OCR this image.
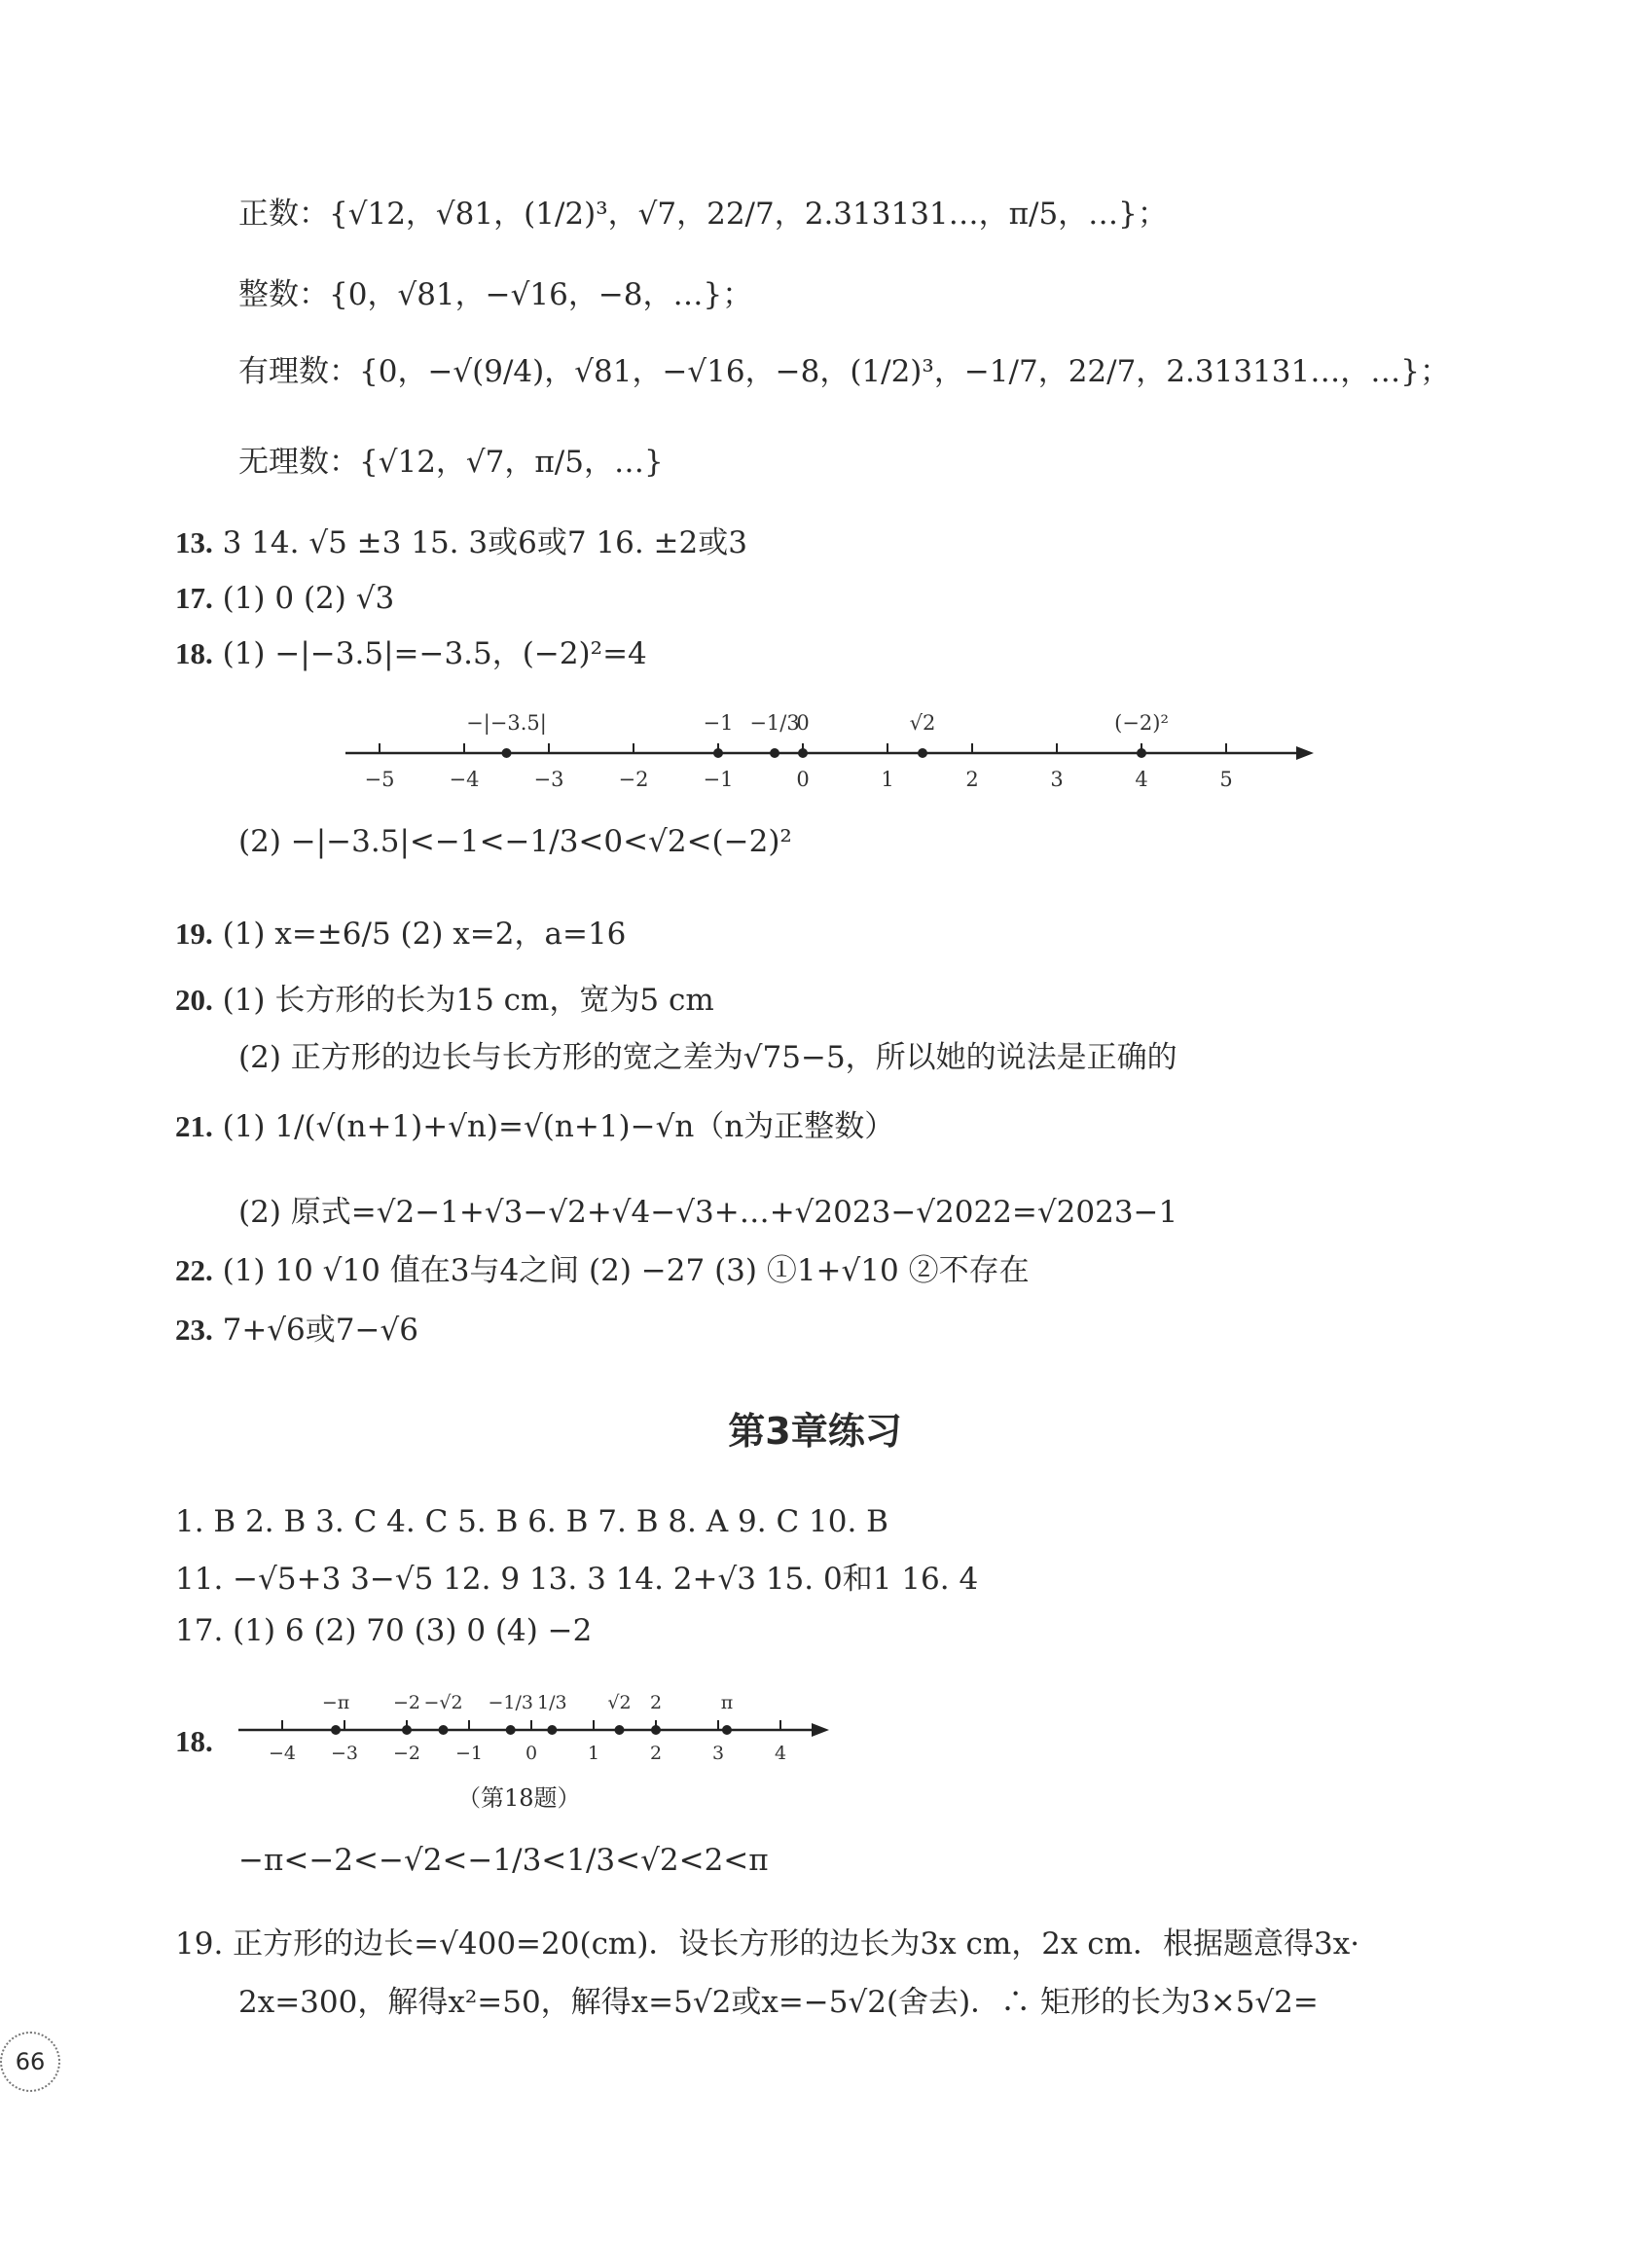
正数：{√12，√81，(1/2)³，√7，22/7，2.313131…，π/5，…}；
整数：{0，√81，−√16，−8，…}；
有理数：{0，−√(9/4)，√81，−√16，−8，(1/2)³，−1/7，22/7，2.313131…，…}；
无理数：{√12，√7，π/5，…}
13. 3 14. √5 ±3 15. 3或6或7 16. ±2或3
17. (1) 0 (2) √3
18. (1) −|−3.5|=−3.5，(−2)²=4
−5	−4	−3	−2	−1	0	1	2	3	4	5
−|−3.5|	−1 −1/3
0	√2	(−2)²
(2) −|−3.5|<−1<−1/3<0<√2<(−2)²
19. (1) x=±6/5 (2) x=2，a=16
20. (1) 长方形的长为15 cm，宽为5 cm
(2) 正方形的边长与长方形的宽之差为√75−5，所以她的说法是正确的
21. (1) 1/(√(n+1)+√n)=√(n+1)−√n（n为正整数）
(2) 原式=√2−1+√3−√2+√4−√3+…+√2023−√2022=√2023−1
22. (1) 10 √10 值在3与4之间 (2) −27 (3) ①1+√10 ②不存在
23. 7+√6或7−√6
第3章练习
1. B 2. B 3. C 4. C 5. B 6. B 7. B 8. A 9. C 10. B
11. −√5+3 3−√5 12. 9 13. 3 14. 2+√3 15. 0和1 16. 4
17. (1) 6 (2) 70 (3) 0 (4) −2
18.	−4 −3 −2 −1 0	1	2	3	4
−π −2 −√2 −1/3 1/3 √2 2	π
（第18题）
−π<−2<−√2<−1/3<1/3<√2<2<π
19. 正方形的边长=√400=20(cm)．设长方形的边长为3x cm，2x cm．根据题意得3x·
2x=300，解得x²=50，解得x=5√2或x=−5√2(舍去)．∴ 矩形的长为3×5√2=
66
